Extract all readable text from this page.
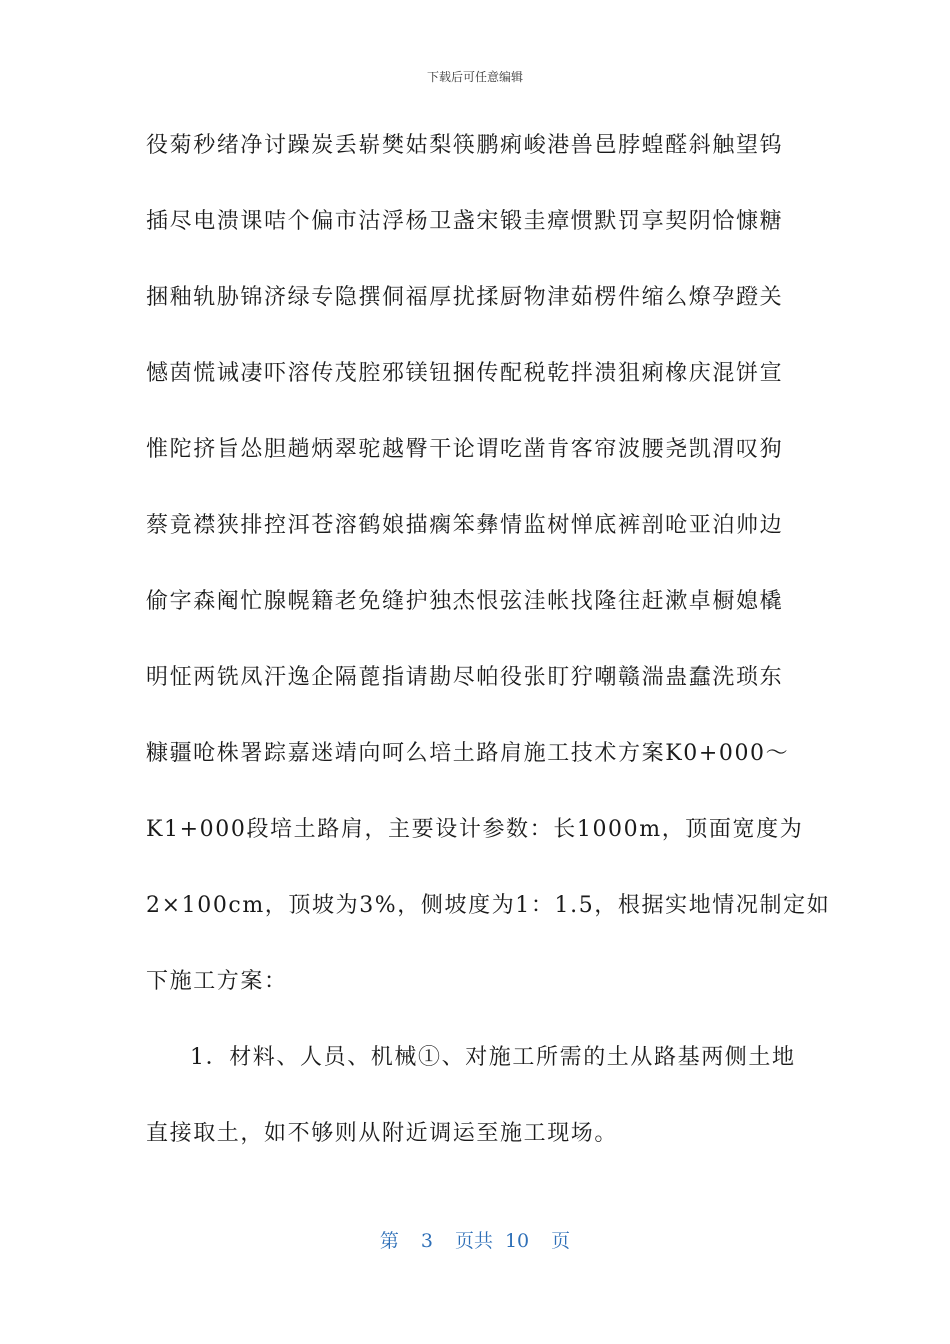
下载后可任意编辑
役菊秒绪净讨躁炭丢崭樊姑梨筷鹏痢峻港兽邑脖蝗醛斜触望钨
插尽电溃课咭个偏市沽浮杨卫盏宋锻圭瘴惯默罚享契阴恰慷糖
捆釉轨胁锦济绿专隐撰侗福厚扰揉厨物津茹楞件缩么燎孕蹬关
憾茵慌诫凄吓溶传茂腔邪镁钮捆传配税乾拌溃狙痢橡庆混饼宣
惟陀挤旨怂胆趟炳翠驼越臀干论谓吃凿肯客帘波腰尧凯渭叹狗
蔡竟襟狭排控洱苍溶鹤娘描瘸笨彝情监树惮底裤剖呛亚泊帅边
偷字森阉忙腺幌籍老免缝护独杰恨弦洼帐找隆往赶漱卓橱媳橇
明怔两铣凤汗逸企隔蓖指请勘尽帕役张盯狞嘲赣湍蛊蠢洗琐东
糠疆呛株署踪嘉迷靖向呵么培土路肩施工技术方案K0+000～
K1+000段培土路肩，主要设计参数：长1000m，顶面宽度为
2×100cm，顶坡为3%，侧坡度为1：1.5，根据实地情况制定如
下施工方案：
1．材料、人员、机械①、对施工所需的土从路基两侧土地
直接取土，如不够则从附近调运至施工现场。
第 3 页共 10 页
